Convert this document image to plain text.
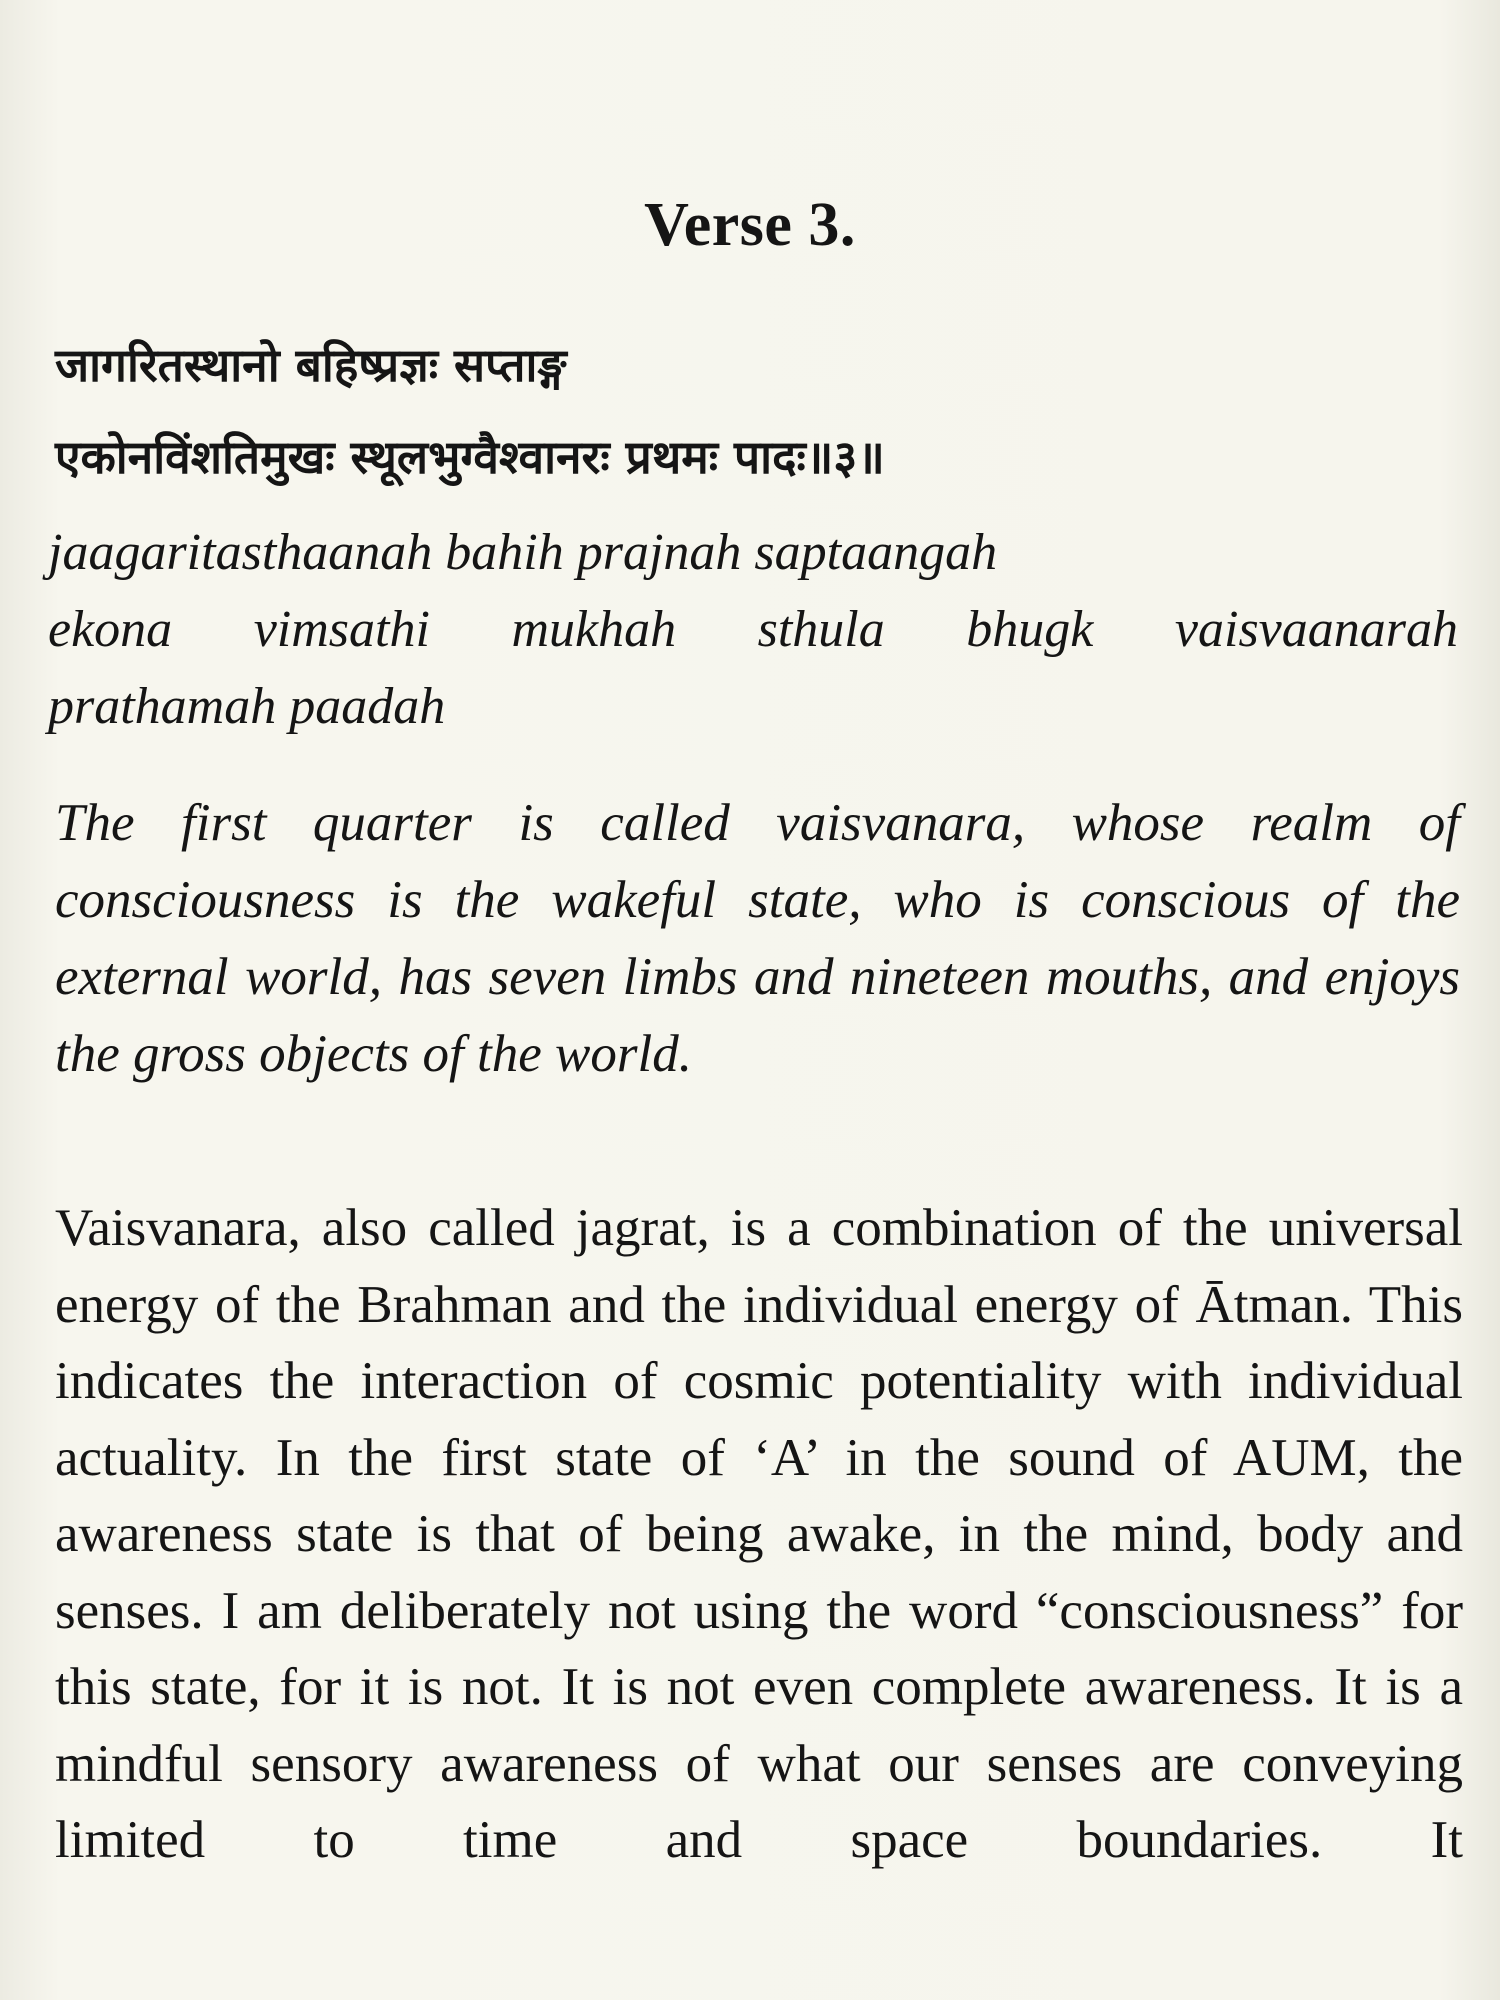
Verse 3.
जागरितस्थानो बहिष्प्रज्ञः सप्ताङ्ग
एकोनविंशतिमुखः स्थूलभुग्वैश्वानरः प्रथमः पादः॥३॥
jaagaritasthaanah bahih prajnah saptaangah
ekona vimsathi mukhah sthula bhugk vaisvaanarah
prathamah paadah
The first quarter is called vaisvanara, whose realm of consciousness is the wakeful state, who is conscious of the external world, has seven limbs and nineteen mouths, and enjoys the gross objects of the world.
Vaisvanara, also called jagrat, is a combination of the universal energy of the Brahman and the individual energy of Ātman. This indicates the interaction of cosmic potentiality with individual actuality. In the first state of ‘A’ in the sound of AUM, the awareness state is that of being awake, in the mind, body and senses. I am deliberately not using the word “consciousness” for this state, for it is not. It is not even complete awareness. It is a mindful sensory awareness of what our senses are conveying limited to time and space boundaries. It
